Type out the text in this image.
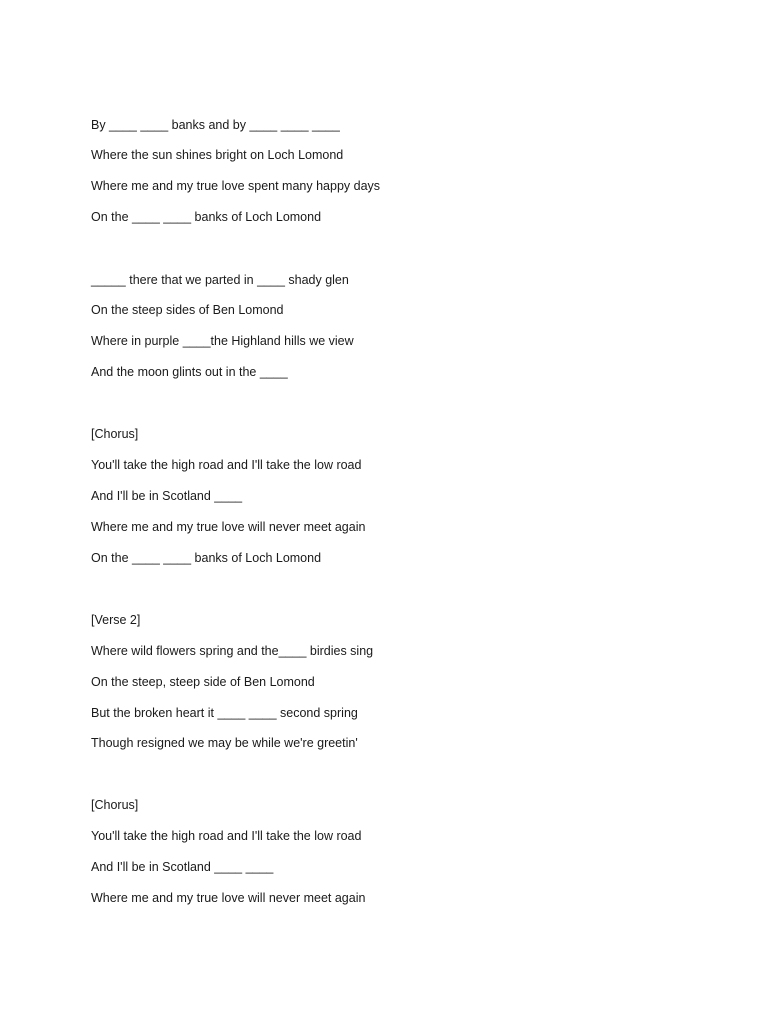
By ____ ____ banks and by ____ ____ ____
Where the sun shines bright on Loch Lomond
Where me and my true love spent many happy days
On the ____ ____ banks of Loch Lomond
_____ there that we parted in ____ shady glen
On the steep sides of Ben Lomond
Where in purple ____the Highland hills we view
And the moon glints out in the ____
[Chorus]
You'll take the high road and I'll take the low road
And I'll be in Scotland ____
Where me and my true love will never meet again
On the ____ ____ banks of Loch Lomond
[Verse 2]
Where wild flowers spring and the____ birdies sing
On the steep, steep side of Ben Lomond
But the broken heart it ____ ____ second spring
Though resigned we may be while we're greetin'
[Chorus]
You'll take the high road and I'll take the low road
And I'll be in Scotland ____ ____
Where me and my true love will never meet again
